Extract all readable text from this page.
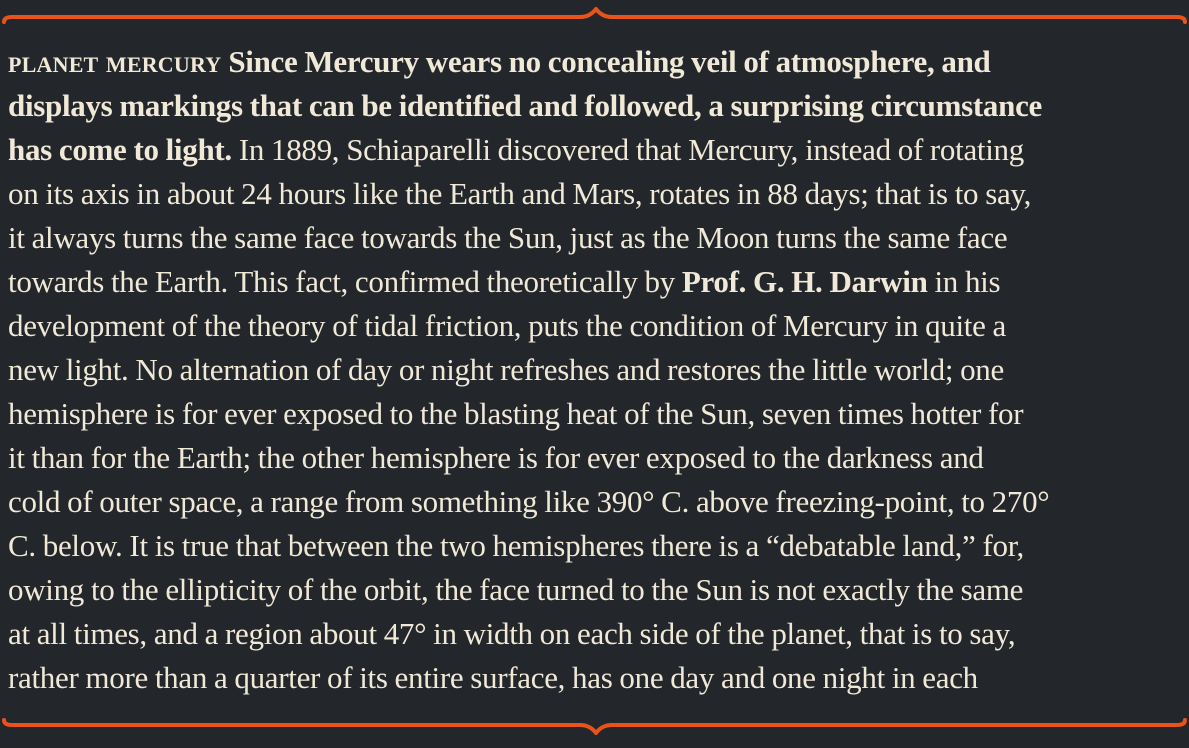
planet mercury Since Mercury wears no concealing veil of atmosphere, and
displays markings that can be identified and followed, a surprising circumstance
has come to light. In 1889, Schiaparelli discovered that Mercury, instead of rotating
on its axis in about 24 hours like the Earth and Mars, rotates in 88 days; that is to say,
it always turns the same face towards the Sun, just as the Moon turns the same face
towards the Earth. This fact, confirmed theoretically by Prof. G. H. Darwin in his
development of the theory of tidal friction, puts the condition of Mercury in quite a
new light. No alternation of day or night refreshes and restores the little world; one
hemisphere is for ever exposed to the blasting heat of the Sun, seven times hotter for
it than for the Earth; the other hemisphere is for ever exposed to the darkness and
cold of outer space, a range from something like 390° C. above freezing-point, to 270°
C. below. It is true that between the two hemispheres there is a “debatable land,” for,
owing to the ellipticity of the orbit, the face turned to the Sun is not exactly the same
at all times, and a region about 47° in width on each side of the planet, that is to say,
rather more than a quarter of its entire surface, has one day and one night in each
